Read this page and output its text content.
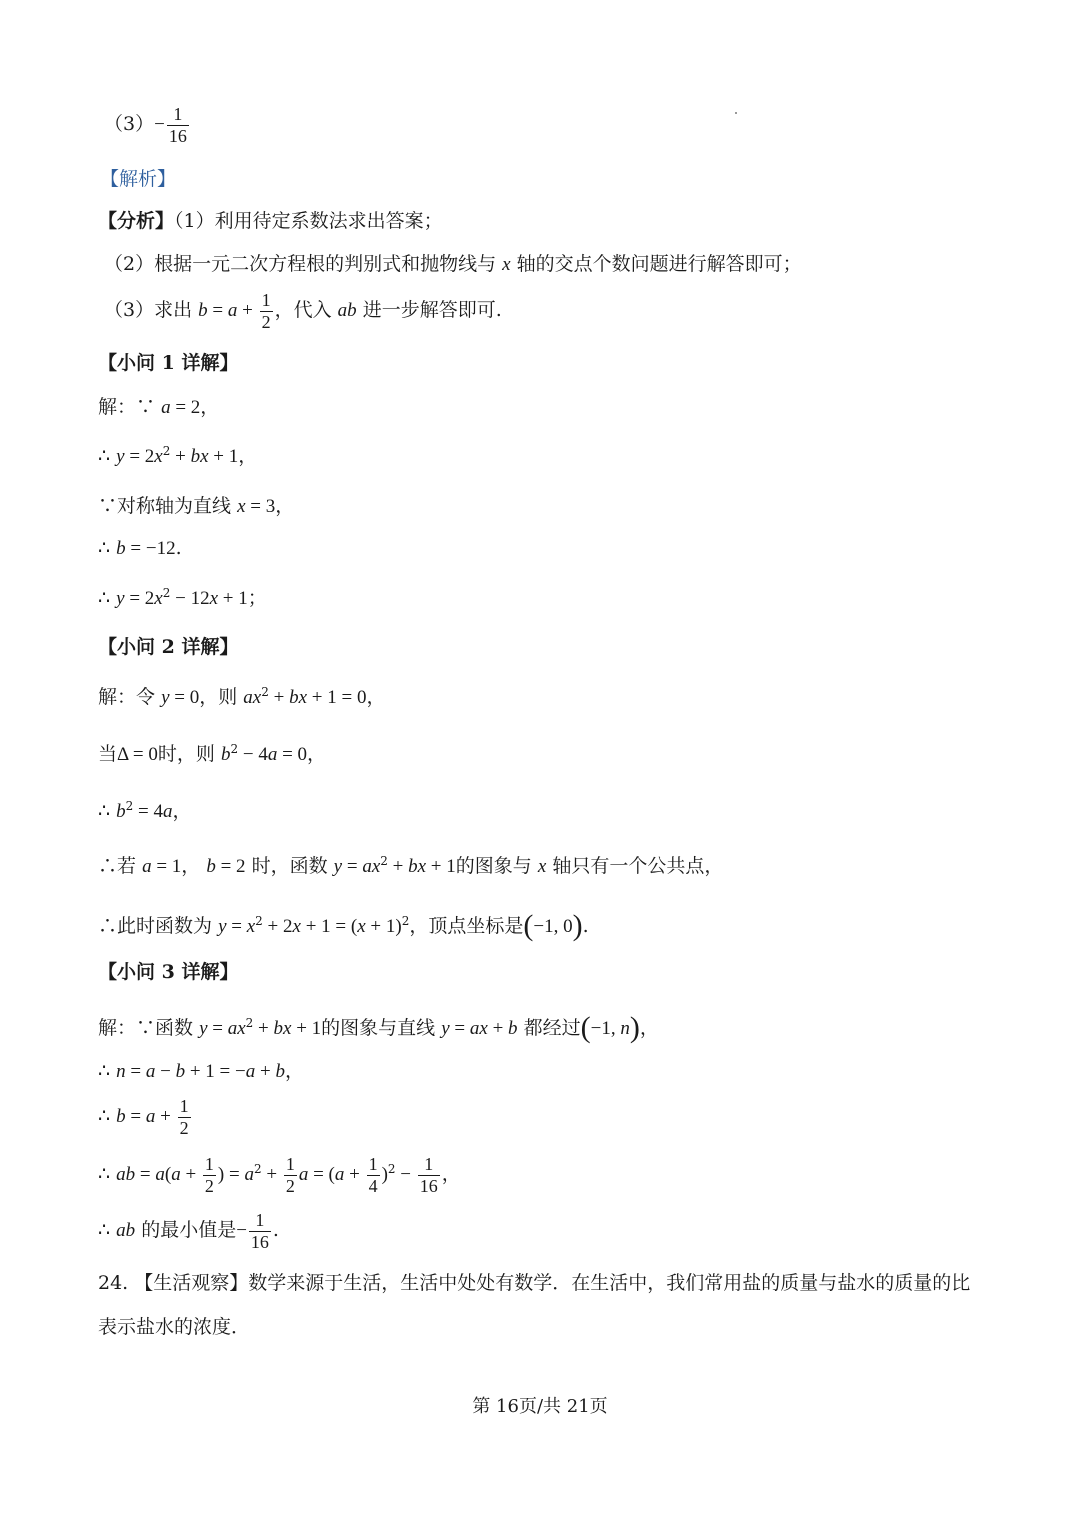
$(3)- \frac{1}{16}$
【解析】
【分析】（1）利用待定系数法求出答案；
（2）根据一元二次方程根的判别式和抛物线与 x 轴的交点个数问题进行解答即可；
（3）求出 $b = a + \frac{1}{2}$ ，代入 ab 进一步解答即可.
【小问 1 详解】
解：∵ a = 2，
∴ $y = 2x^2$ + bx + 1，
∵对称轴为直线 x = 3，
∴ b = −12.
∴ $y = 2x^2 - 12x + 1$；
【小问 2 详解】
解：令 y = 0，则 $ax^2$ + bx + 1 = 0，
当Δ = 0时，则 $b^2 - 4a = 0$，
∴ $b^2 = 4a$，
∴若 a = 1， b = 2 时，函数 $y = ax^2$ + bx + 1的图象与 x 轴只有一个公共点，
∴此时函数为 $y = x^2 + 2x + 1 = (x + 1)^2$，顶点坐标是(−1, 0).
【小问 3 详解】
解：∵函数 $y = ax^2$ + bx + 1的图象与直线 y = ax + b 都经过(−1, n)，
∴ n = a − b + 1 = −a + b，
∴ $b = a + \frac{1}{2}$
∴ ab = $a(a + \frac{1}{2}$ ) = $a^2 + \frac{1}{2}$ $a = (a + \frac{1}{4} )^2 - \frac{1}{16}$ ，
∴ ab 的最小值是− $\frac{1}{16}$ .
24. 【生活观察】数学来源于生活，生活中处处有数学．在生活中，我们常用盐的质量与盐水的质量的比
表示盐水的浓度．
第 16页/共 21页
